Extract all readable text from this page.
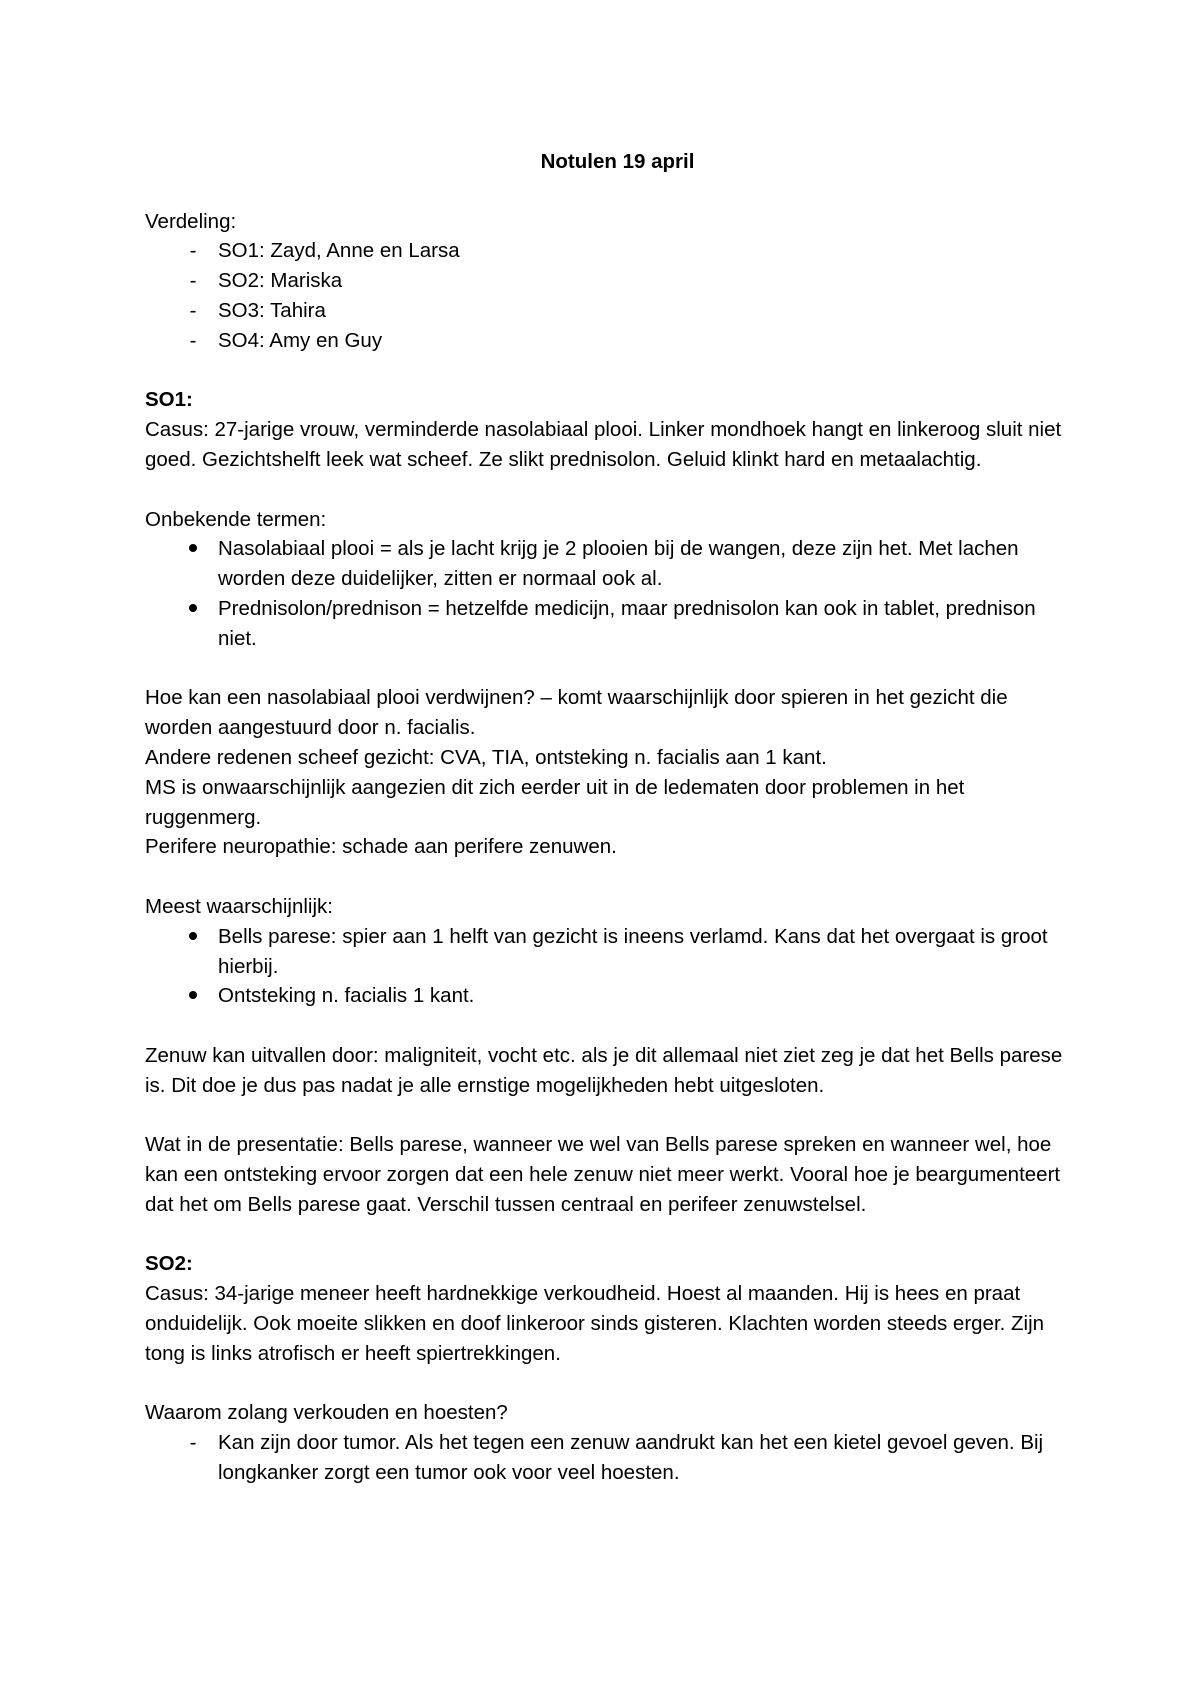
Notulen 19 april

Verdeling:

- SO1: Zayd, Anne en Larsa
- SO2: Mariska
- SO3: Tahira
- SO4: Amy en Guy

SO1:

Casus: 27-jarige vrouw, verminderde nasolabiaal plooi. Linker mondhoek hangt en linkeroog sluit niet goed. Gezichtshelft leek wat scheef. Ze slikt prednisolon. Geluid klinkt hard en metaalachtig.

Onbekende termen:

Nasolabiaal plooi = als je lacht krijg je 2 plooien bij de wangen, deze zijn het. Met lachen worden deze duidelijker, zitten er normaal ook al.
Prednisolon/prednison = hetzelfde medicijn, maar prednisolon kan ook in tablet, prednison niet.

Hoe kan een nasolabiaal plooi verdwijnen? – komt waarschijnlijk door spieren in het gezicht die worden aangestuurd door n. facialis.

Andere redenen scheef gezicht: CVA, TIA, ontsteking n. facialis aan 1 kant.

MS is onwaarschijnlijk aangezien dit zich eerder uit in de ledematen door problemen in het ruggenmerg.

Perifere neuropathie: schade aan perifere zenuwen.

Meest waarschijnlijk:

Bells parese: spier aan 1 helft van gezicht is ineens verlamd. Kans dat het overgaat is groot hierbij.
Ontsteking n. facialis 1 kant.

Zenuw kan uitvallen door: maligniteit, vocht etc. als je dit allemaal niet ziet zeg je dat het Bells parese is. Dit doe je dus pas nadat je alle ernstige mogelijkheden hebt uitgesloten.

Wat in de presentatie: Bells parese, wanneer we wel van Bells parese spreken en wanneer wel, hoe kan een ontsteking ervoor zorgen dat een hele zenuw niet meer werkt. Vooral hoe je beargumenteert dat het om Bells parese gaat. Verschil tussen centraal en perifeer zenuwstelsel.

SO2:

Casus: 34-jarige meneer heeft hardnekkige verkoudheid. Hoest al maanden. Hij is hees en praat onduidelijk. Ook moeite slikken en doof linkeroor sinds gisteren. Klachten worden steeds erger. Zijn tong is links atrofisch er heeft spiertrekkingen.

Waarom zolang verkouden en hoesten?

- Kan zijn door tumor. Als het tegen een zenuw aandrukt kan het een kietel gevoel geven. Bij longkanker zorgt een tumor ook voor veel hoesten.
